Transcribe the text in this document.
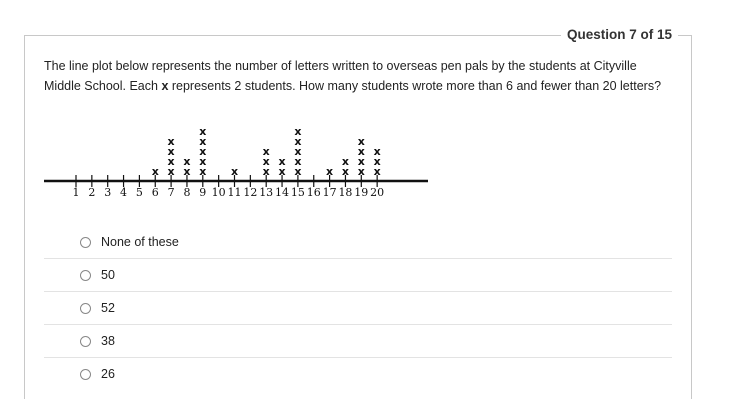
Question 7 of 15
The line plot below represents the number of letters written to overseas pen pals by the students at Cityville Middle School. Each x represents 2 students. How many students wrote more than 6 and fewer than 20 letters?
1 2 3 4 5 6 7 8 9 10 11 12 13 14 15 16 17 18 19 20
x x
x
x
x
x
x
x
x
x
x
x
x x
x
x
x
x
x
x
x
x
x
x x
x
x
x
x
x
x
x
x
None of these
50
52
38
26
